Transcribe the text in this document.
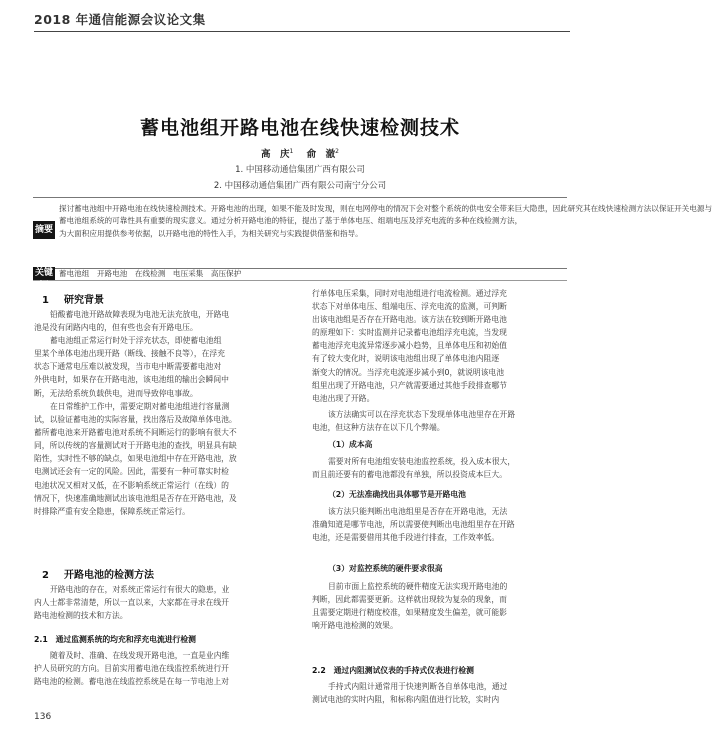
2018 年通信能源会议论文集
蓄电池组开路电池在线快速检测技术
高　庆$^1$ 俞　澈$^2$
1. 中国移动通信集团广西有限公司
2. 中国移动通信集团广西有限公司南宁分公司
摘要
探讨蓄电池组中开路电池在线快速检测技术。开路电池的出现，如果不能及时发现，则在电网停电的情况下会对整个系统的供电安全带来巨大隐患，因此研究其在线快速检测方法以保证开关电源与
蓄电池组系统的可靠性具有重要的现实意义。通过分析开路电池的特征，提出了基于单体电压、组端电压及浮充电流的多种在线检测方法，
为大面积应用提供参考依据，以开路电池的特性入手，为相关研究与实践提供借鉴和指导。
关键词
蓄电池组　开路电池　在线检测　电压采集　高压保护
1 研究背景
铅酸蓄电池开路故障表现为电池无法充放电，开路电
池是没有闭路内电的，但有些也会有开路电压。
蓄电池组正常运行时处于浮充状态，即使蓄电池组
里某个单体电池出现开路（断线、接触不良等），在浮充
状态下通常电压难以被发现，当市电中断需要蓄电池对
外供电时，如果存在开路电池，该电池组的输出会瞬间中
断，无法给系统负载供电，进而导致停电事故。
在日常维护工作中，需要定期对蓄电池组进行容量测
试，以验证蓄电池的实际容量，找出落后及故障单体电池。
蓄所蓄电池来开路蓄电池对系统不间断运行的影响有很大不
同，所以传统的容量测试对于开路电池的查找，明显具有缺
陷性，实时性不够的缺点，如果电池组中存在开路电池，放
电测试还会有一定的风险。因此，需要有一种可靠实时检
电池状况又相对又低，在不影响系统正常运行（在线）的
情况下，快速准确地测试出该电池组是否存在开路电池，及
时排除严重有安全隐患，保障系统正常运行。
2 开路电池的检测方法
开路电池的存在，对系统正常运行有很大的隐患，业
内人士都非常清楚，所以一直以来，大家都在寻求在线开
路电池检测的技术和方法。
2.1　通过监测系统的均充和浮充电流进行检测
随着及时、准确、在线发现开路电池，一直是业内维
护人员研究的方向。目前实用蓄电池在线监控系统进行开
路电池的检测。蓄电池在线监控系统是在每一节电池上对
行单体电压采集，同时对电池组进行电流检测。通过浮充
状态下对单体电压、组端电压、浮充电流的监测，可判断
出该电池组是否存在开路电池。该方法在较到断开路电池
的原理如下：实时监测并记录蓄电池组浮充电流，当发现
蓄电池浮充电流异常逐步减小趋势，且单体电压和初始值
有了较大变化时，说明该电池组出现了单体电池内阻逐
渐变大的情况。当浮充电流逐步减小到0，就说明该电池
组里出现了开路电池，只产就需要通过其他手段排查哪节
电池出现了开路。
该方法确实可以在浮充状态下发现单体电池里存在开路
电池，但这种方法存在以下几个弊端。
（1）成本高
需要对所有电池组安装电池监控系统，投入成本很大，
而且前还要有的蓄电池都没有单独，所以投资成本巨大。
（2）无法准确找出具体哪节是开路电池
该方法只能判断出电池组里是否存在开路电池，无法
准确知道是哪节电池，所以需要使判断出电池组里存在开路
电池，还是需要借用其他手段进行排查，工作效率低。
（3）对监控系统的硬件要求很高
目前市面上监控系统的硬件精度无法实现开路电池的
判断，因此都需要更新。这样就出现较为复杂的现象，而
且需要定期进行精度校准，如果精度发生偏差，就可能影
响开路电池检测的效果。
2.2　通过内阻测试仪表的手持式仪表进行检测
手持式内阻计通常用于快速判断各自单体电池，通过
测试电池的实时内阻，和标称内阻值进行比较，实时内
136
